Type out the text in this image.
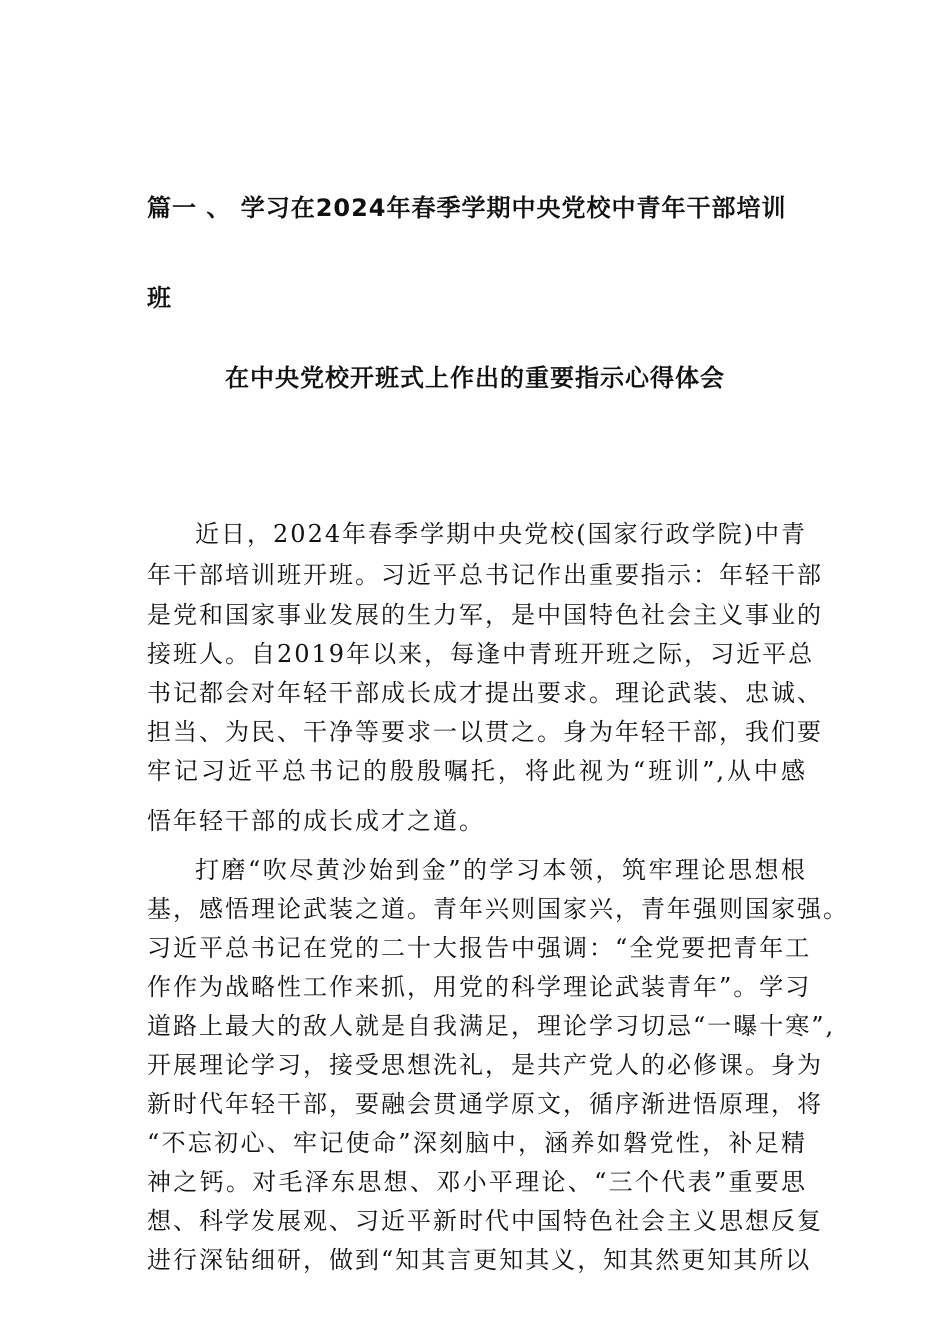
篇一 、 学习在2024年春季学期中央党校中青年干部培训
班
在中央党校开班式上作出的重要指示心得体会

近日，2024年春季学期中央党校(国家行政学院)中青

年干部培训班开班。习近平总书记作出重要指示：年轻干部

是党和国家事业发展的生力军，是中国特色社会主义事业的

接班人。自2019年以来，每逢中青班开班之际，习近平总

书记都会对年轻干部成长成才提出要求。理论武装、忠诚、

担当、为民、干净等要求一以贯之。身为年轻干部，我们要

牢记习近平总书记的殷殷嘱托，将此视为“班训”,从中感

悟年轻干部的成长成才之道。

打磨“吹尽黄沙始到金”的学习本领，筑牢理论思想根

基，感悟理论武装之道。青年兴则国家兴，青年强则国家强。

习近平总书记在党的二十大报告中强调：“全党要把青年工

作作为战略性工作来抓，用党的科学理论武装青年”。学习

道路上最大的敌人就是自我满足，理论学习切忌“一曝十寒”,

开展理论学习，接受思想洗礼，是共产党人的必修课。身为

新时代年轻干部，要融会贯通学原文，循序渐进悟原理，将

“不忘初心、牢记使命”深刻脑中，涵养如磐党性，补足精

神之钙。对毛泽东思想、邓小平理论、“三个代表”重要思

想、科学发展观、习近平新时代中国特色社会主义思想反复

进行深钻细研，做到“知其言更知其义，知其然更知其所以
